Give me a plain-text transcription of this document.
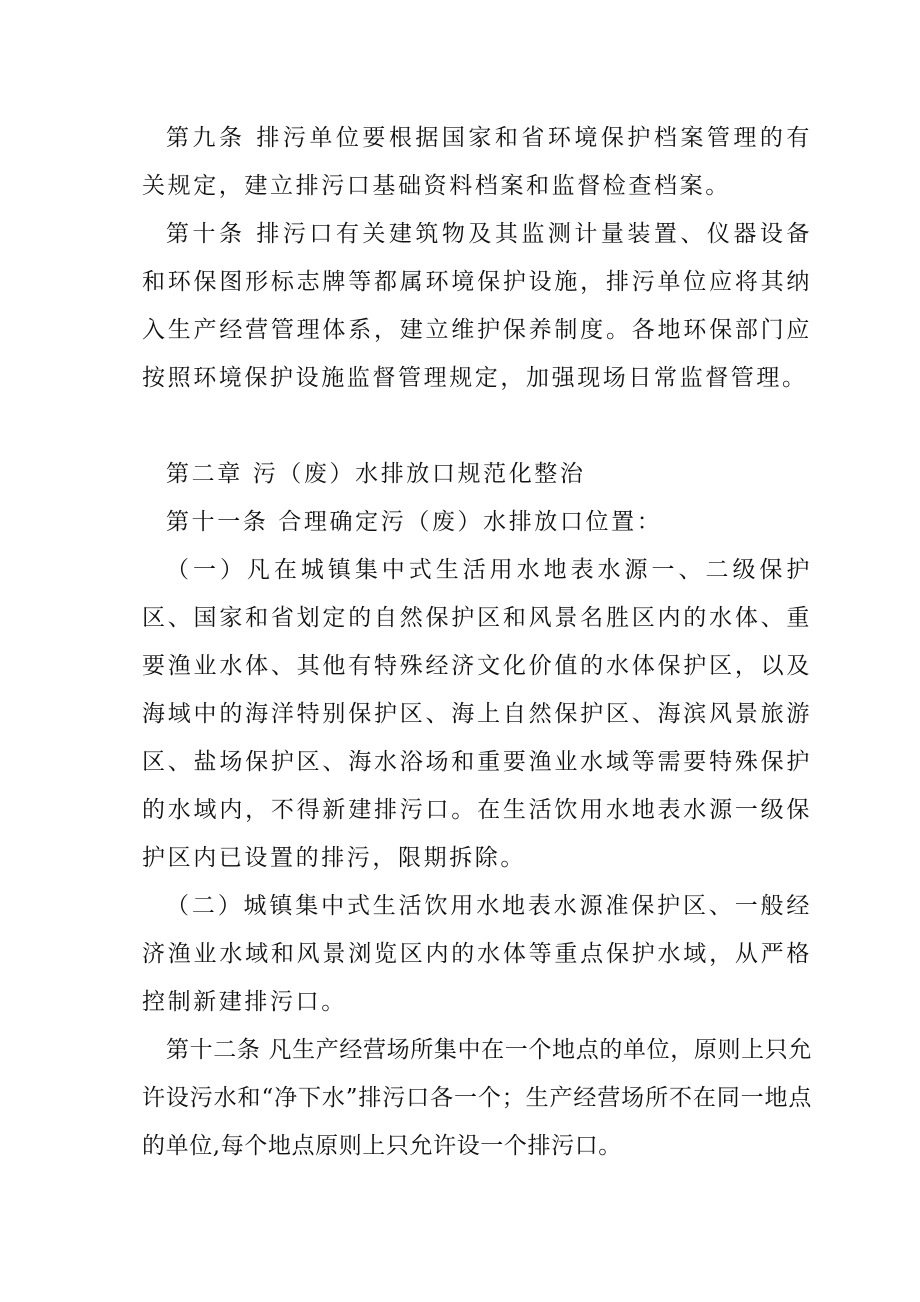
第九条 排污单位要根据国家和省环境保护档案管理的有关规定，建立排污口基础资料档案和监督检查档案。

第十条 排污口有关建筑物及其监测计量装置、仪器设备和环保图形标志牌等都属环境保护设施，排污单位应将其纳入生产经营管理体系，建立维护保养制度。各地环保部门应按照环境保护设施监督管理规定，加强现场日常监督管理。

第二章 污（废）水排放口规范化整治

第十一条 合理确定污（废）水排放口位置：

（一）凡在城镇集中式生活用水地表水源一、二级保护区、国家和省划定的自然保护区和风景名胜区内的水体、重要渔业水体、其他有特殊经济文化价值的水体保护区，以及海域中的海洋特别保护区、海上自然保护区、海滨风景旅游区、盐场保护区、海水浴场和重要渔业水域等需要特殊保护的水域内，不得新建排污口。在生活饮用水地表水源一级保护区内已设置的排污，限期拆除。

（二）城镇集中式生活饮用水地表水源准保护区、一般经济渔业水域和风景浏览区内的水体等重点保护水域，从严格控制新建排污口。

第十二条 凡生产经营场所集中在一个地点的单位，原则上只允许设污水和“净下水”排污口各一个；生产经营场所不在同一地点的单位,每个地点原则上只允许设一个排污口。
